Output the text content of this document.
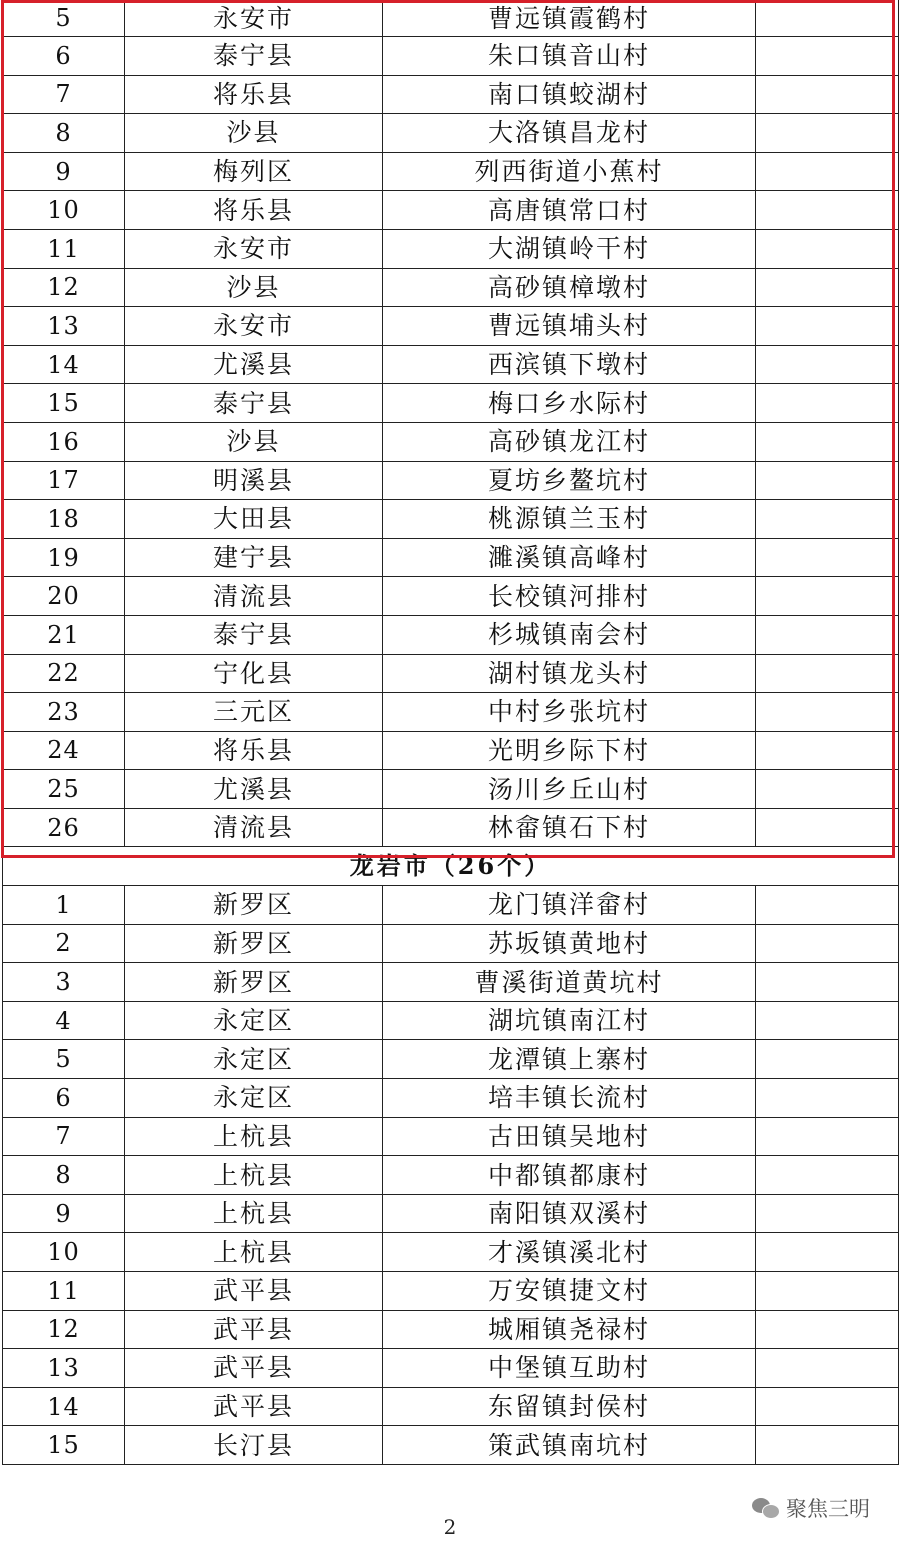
5	永安市	曹远镇霞鹤村	
6	泰宁县	朱口镇音山村	
7	将乐县	南口镇蛟湖村	
8	沙县	大洛镇昌龙村	
9	梅列区	列西街道小蕉村	
10	将乐县	高唐镇常口村	
11	永安市	大湖镇岭干村	
12	沙县	高砂镇樟墩村	
13	永安市	曹远镇埔头村	
14	尤溪县	西滨镇下墩村	
15	泰宁县	梅口乡水际村	
16	沙县	高砂镇龙江村	
17	明溪县	夏坊乡鳌坑村	
18	大田县	桃源镇兰玉村	
19	建宁县	濉溪镇高峰村	
20	清流县	长校镇河排村	
21	泰宁县	杉城镇南会村	
22	宁化县	湖村镇龙头村	
23	三元区	中村乡张坑村	
24	将乐县	光明乡际下村	
25	尤溪县	汤川乡丘山村	
26	清流县	林畲镇石下村	
龙岩市（26个）			
1	新罗区	龙门镇洋畲村	
2	新罗区	苏坂镇黄地村	
3	新罗区	曹溪街道黄坑村	
4	永定区	湖坑镇南江村	
5	永定区	龙潭镇上寨村	
6	永定区	培丰镇长流村	
7	上杭县	古田镇吴地村	
8	上杭县	中都镇都康村	
9	上杭县	南阳镇双溪村	
10	上杭县	才溪镇溪北村	
11	武平县	万安镇捷文村	
12	武平县	城厢镇尧禄村	
13	武平县	中堡镇互助村	
14	武平县	东留镇封侯村	
15	长汀县	策武镇南坑村	
聚焦三明
2
